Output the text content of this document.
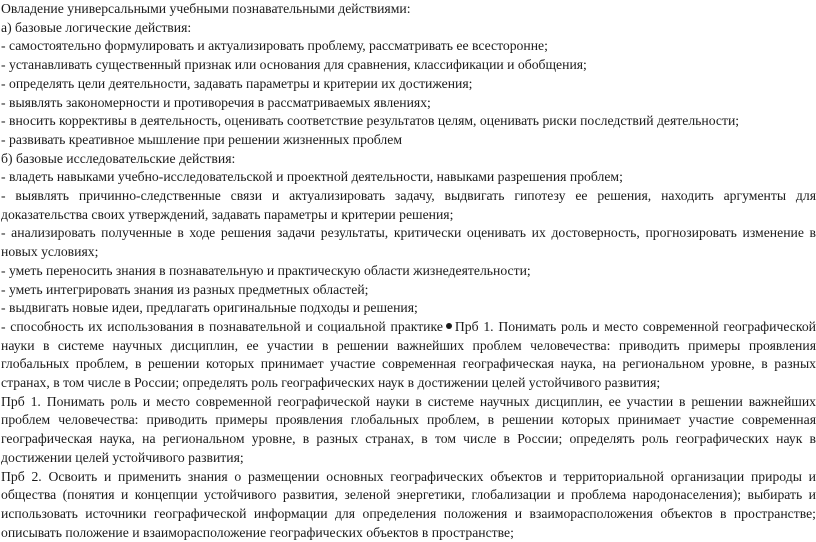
Овладение универсальными учебными познавательными действиями:

а) базовые логические действия:

- самостоятельно формулировать и актуализировать проблему, рассматривать ее всесторонне;

- устанавливать существенный признак или основания для сравнения, классификации и обобщения;

- определять цели деятельности, задавать параметры и критерии их достижения;

- выявлять закономерности и противоречия в рассматриваемых явлениях;

- вносить коррективы в деятельность, оценивать соответствие результатов целям, оценивать риски последствий деятельности;

- развивать креативное мышление при решении жизненных проблем

б) базовые исследовательские действия:

- владеть навыками учебно-исследовательской и проектной деятельности, навыками разрешения проблем;

- выявлять причинно-следственные связи и актуализировать задачу, выдвигать гипотезу ее решения, находить аргументы для доказательства своих утверждений, задавать параметры и критерии решения;

- анализировать полученные в ходе решения задачи результаты, критически оценивать их достоверность, прогнозировать изменение в новых условиях;

- уметь переносить знания в познавательную и практическую области жизнедеятельности;

- уметь интегрировать знания из разных предметных областей;

- выдвигать новые идеи, предлагать оригинальные подходы и решения;

- способность их использования в познавательной и социальной практике Прб 1. Понимать роль и место современной географической науки в системе научных дисциплин, ее участии в решении важнейших проблем человечества: приводить примеры проявления глобальных проблем, в решении которых принимает участие современная географическая наука, на региональном уровне, в разных странах, в том числе в России; определять роль географических наук в достижении целей устойчивого развития;

Прб 1. Понимать роль и место современной географической науки в системе научных дисциплин, ее участии в решении важнейших проблем человечества: приводить примеры проявления глобальных проблем, в решении которых принимает участие современная географическая наука, на региональном уровне, в разных странах, в том числе в России; определять роль географических наук в достижении целей устойчивого развития;

Прб 2. Освоить и применить знания о размещении основных географических объектов и территориальной организации природы и общества (понятия и концепции устойчивого развития, зеленой энергетики, глобализации и проблема народонаселения); выбирать и использовать источники географической информации для определения положения и взаиморасположения объектов в пространстве; описывать положение и взаиморасположение географических объектов в пространстве;
